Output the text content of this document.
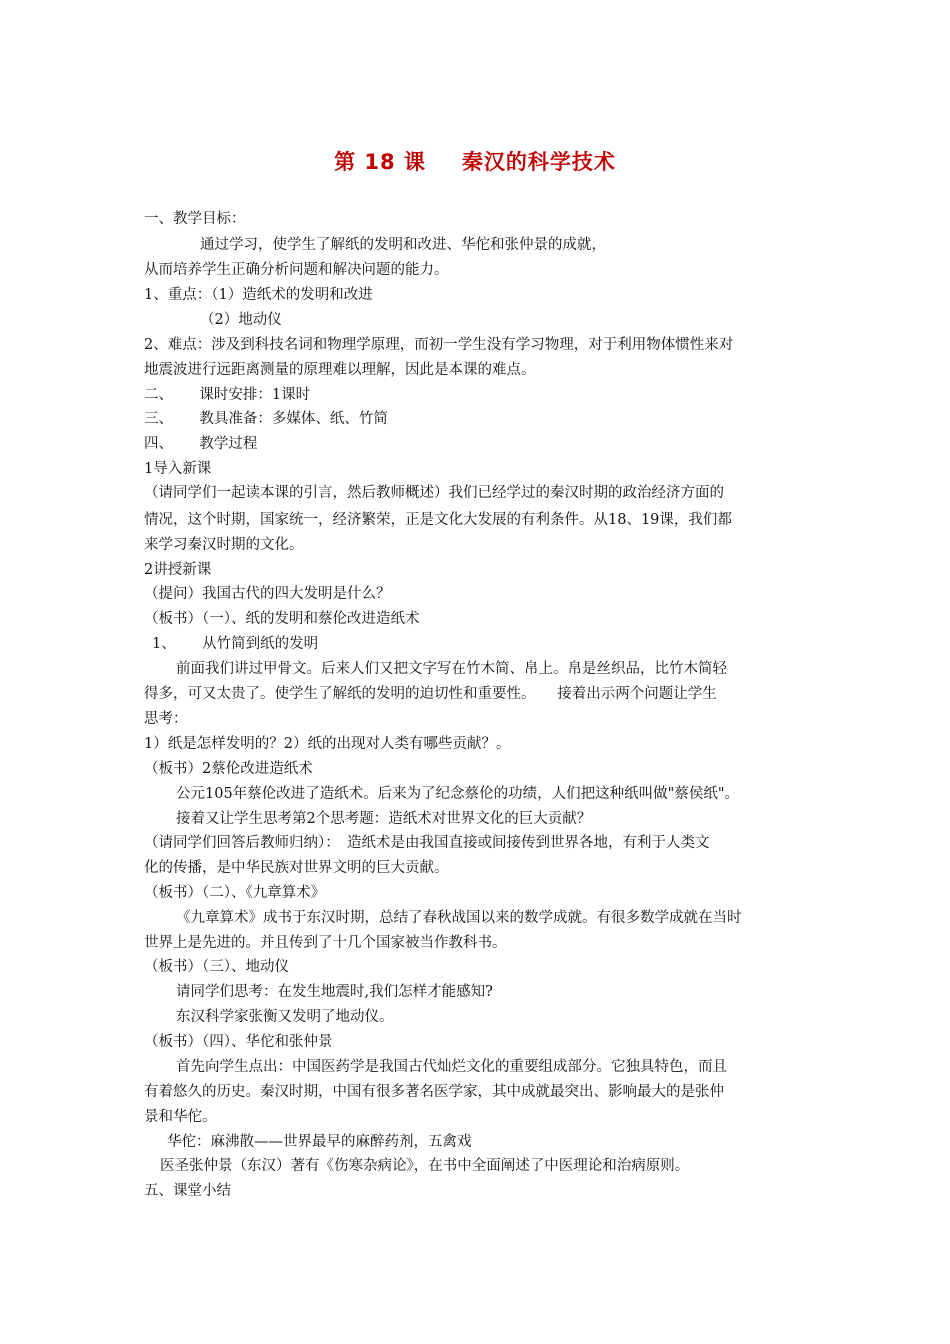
第 18 课 秦汉的科学技术
一、教学目标：
通过学习，使学生了解纸的发明和改进、华佗和张仲景的成就，
从而培养学生正确分析问题和解决问题的能力。
1、重点：（1）造纸术的发明和改进
（2）地动仪
2、难点：涉及到科技名词和物理学原理，而初一学生没有学习物理，对于利用物体惯性来对
地震波进行远距离测量的原理难以理解，因此是本课的难点。
二、　　 课时安排：1课时
三、　　 教具准备：多媒体、纸、竹简
四、　　 教学过程
1导入新课
（请同学们一起读本课的引言，然后教师概述）我们已经学过的秦汉时期的政治经济方面的
情况，这个时期，国家统一，经济繁荣，正是文化大发展的有利条件。从18、19课，我们都
来学习秦汉时期的文化。
2讲授新课
（提问）我国古代的四大发明是什么？
（板书）（一）、纸的发明和蔡伦改进造纸术
1、　　 从竹简到纸的发明
前面我们讲过甲骨文。后来人们又把文字写在竹木简、帛上。帛是丝织品，比竹木简轻
得多，可又太贵了。使学生了解纸的发明的迫切性和重要性。　　接着出示两个问题让学生
思考：
1）纸是怎样发明的？2）纸的出现对人类有哪些贡献？。
（板书）2蔡伦改进造纸术
公元105年蔡伦改进了造纸术。后来为了纪念蔡伦的功绩，人们把这种纸叫做"蔡侯纸"。
接着又让学生思考第2个思考题：造纸术对世界文化的巨大贡献？
（请同学们回答后教师归纳）：　造纸术是由我国直接或间接传到世界各地，有利于人类文
化的传播，是中华民族对世界文明的巨大贡献。
（板书）（二）、《九章算术》
《九章算术》成书于东汉时期，总结了春秋战国以来的数学成就。有很多数学成就在当时
世界上是先进的。并且传到了十几个国家被当作教科书。
（板书）（三）、地动仪
请同学们思考：在发生地震时,我们怎样才能感知?
东汉科学家张衡又发明了地动仪。
（板书）（四）、华佗和张仲景
首先向学生点出：中国医药学是我国古代灿烂文化的重要组成部分。它独具特色，而且
有着悠久的历史。秦汉时期，中国有很多著名医学家，其中成就最突出、影响最大的是张仲
景和华佗。
华佗：麻沸散——世界最早的麻醉药剂，五禽戏
医圣张仲景（东汉）著有《伤寒杂病论》，在书中全面阐述了中医理论和治病原则。
五、课堂小结
